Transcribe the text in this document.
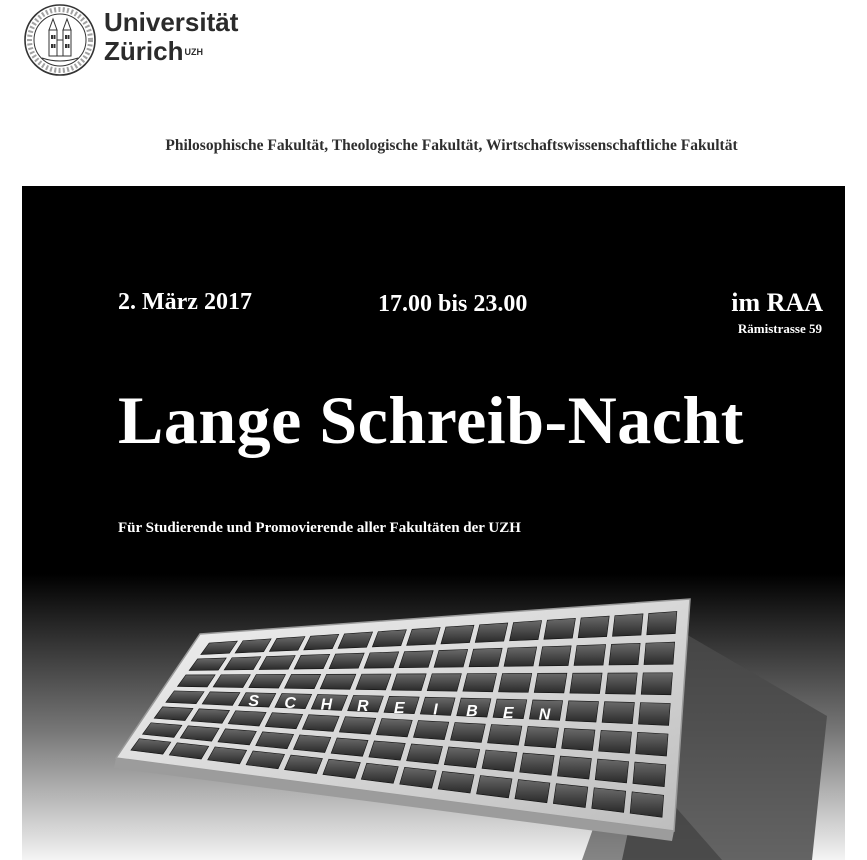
Universität
Zürich$^{UZH}$
Philosophische Fakultät, Theologische Fakultät, Wirtschaftswissenschaftliche Fakultät
S C H R E I B E N
2. März 2017	17.00 bis 23.00	im RAA
Rämistrasse 59
Lange Schreib-Nacht
Für Studierende und Promovierende aller Fakultäten der UZH
